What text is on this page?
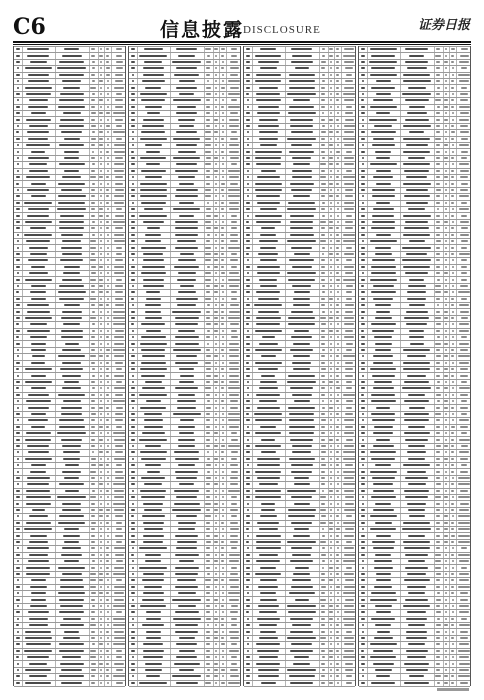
C6	信息披露
DISCLOSURE	证券日报
